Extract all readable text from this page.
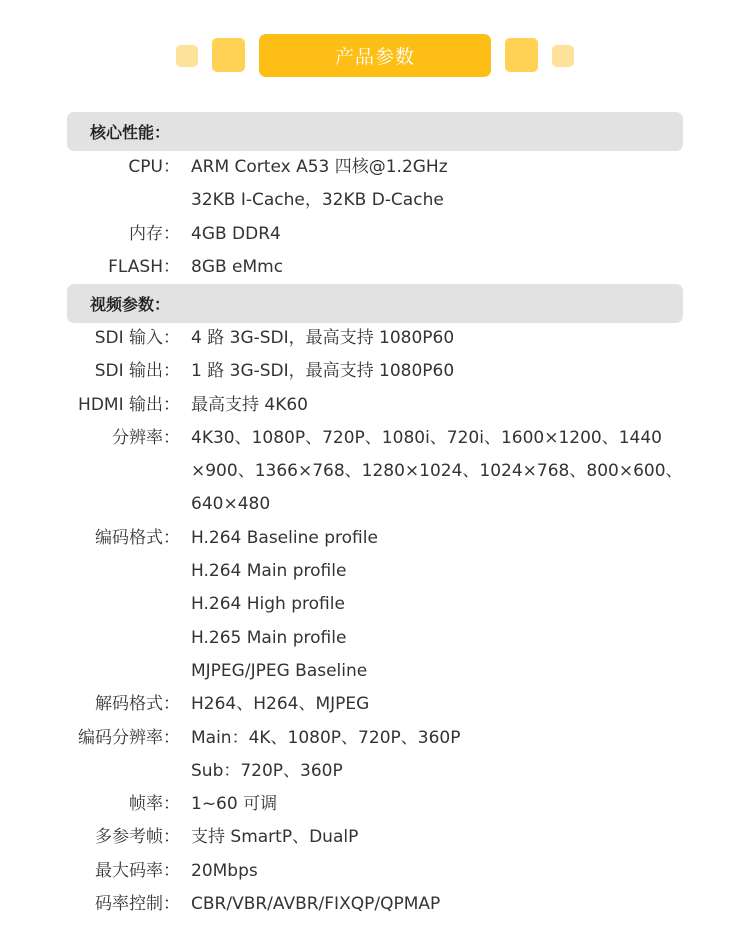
产品参数
核心性能：
CPU： ARM Cortex A53 四核@1.2GHz
32KB I-Cache，32KB D-Cache
内存： 4GB DDR4
FLASH： 8GB eMmc
视频参数：
SDI 输入： 4 路 3G-SDI，最高支持 1080P60
SDI 输出： 1 路 3G-SDI，最高支持 1080P60
HDMI 输出： 最高支持 4K60
分辨率： 4K30、1080P、720P、1080i、720i、1600×1200、1440
×900、1366×768、1280×1024、1024×768、800×600、
640×480
编码格式： H.264 Baseline profile
H.264 Main profile
H.264 High profile
H.265 Main profile
MJPEG/JPEG Baseline
解码格式： H264、H264、MJPEG
编码分辨率： Main：4K、1080P、720P、360P
Sub：720P、360P
帧率： 1~60 可调
多参考帧： 支持 SmartP、DualP
最大码率： 20Mbps
码率控制： CBR/VBR/AVBR/FIXQP/QPMAP
